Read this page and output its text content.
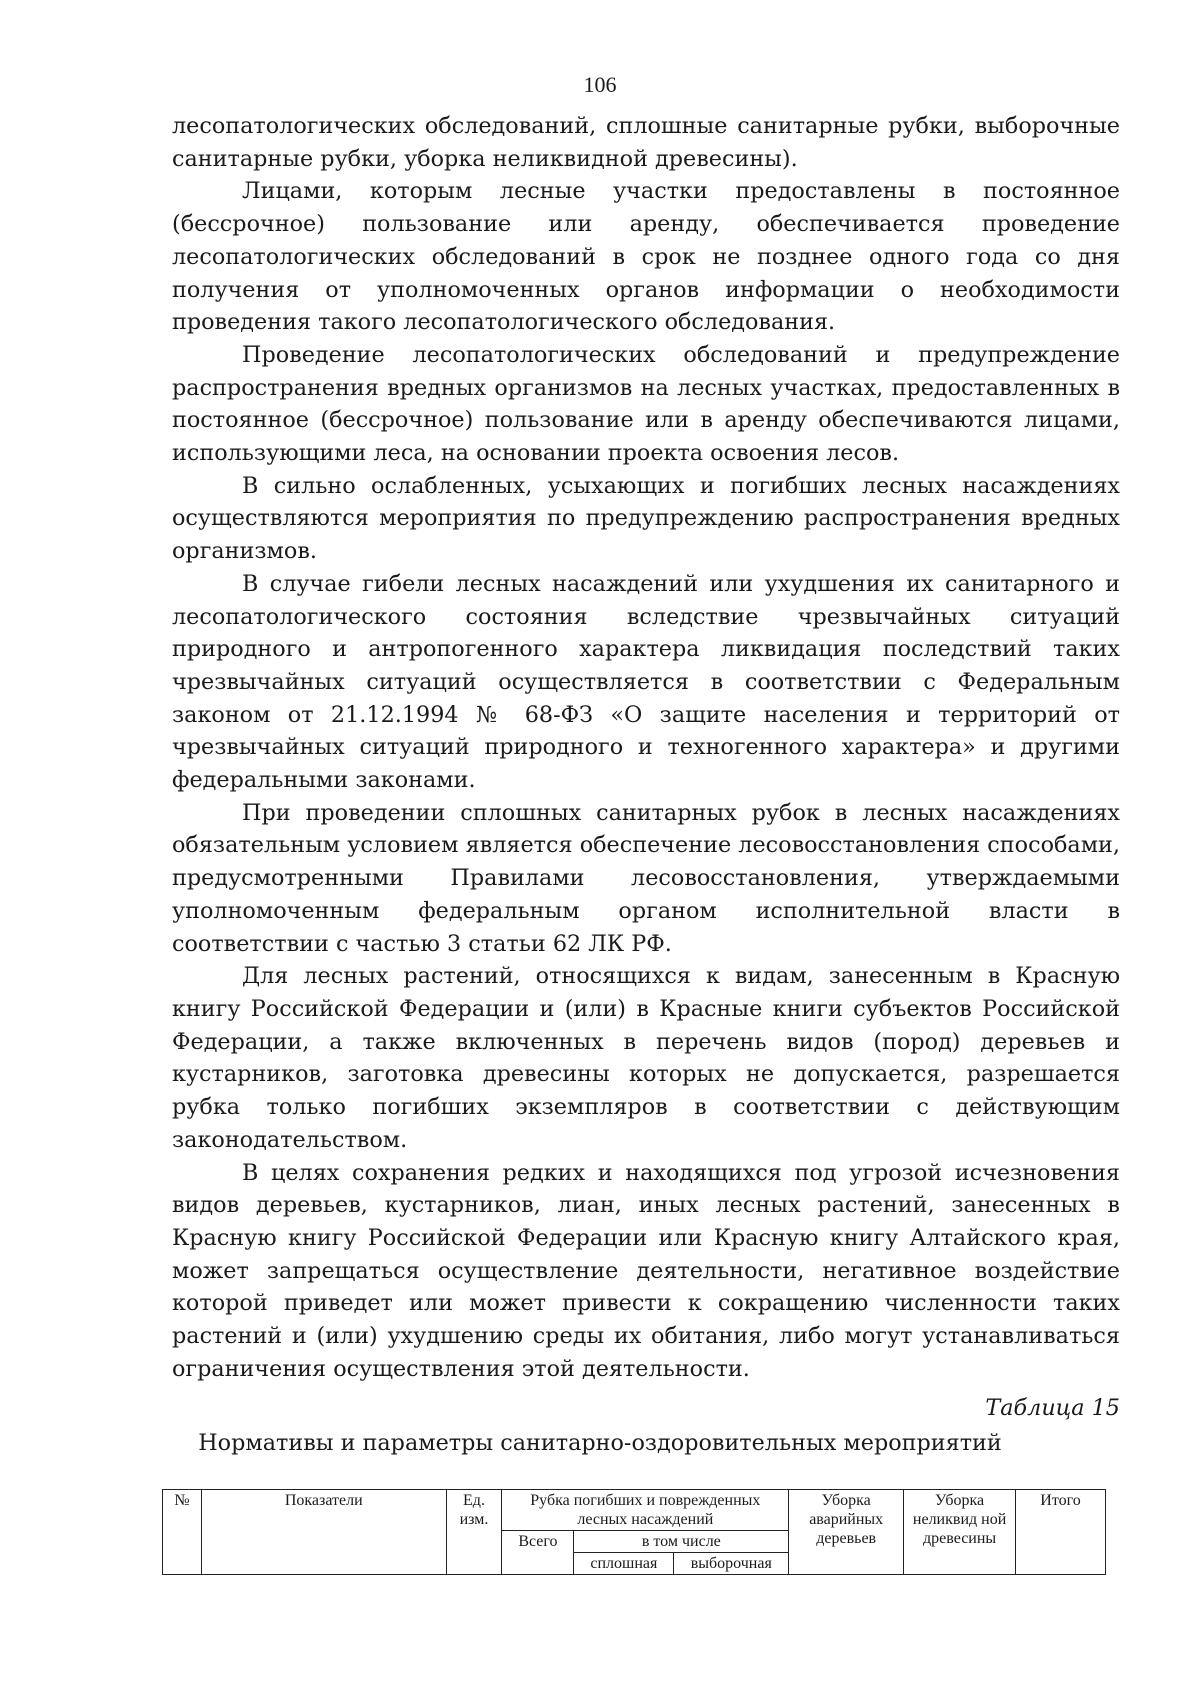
106

лесопатологических обследований, сплошные санитарные рубки, выборочные санитарные рубки, уборка неликвидной древесины).

Лицами, которым лесные участки предоставлены в постоянное (бессрочное) пользование или аренду, обеспечивается проведение лесопатологических обследований в срок не позднее одного года со дня получения от уполномоченных органов информации о необходимости проведения такого лесопатологического обследования.

Проведение лесопатологических обследований и предупреждение распространения вредных организмов на лесных участках, предоставленных в постоянное (бессрочное) пользование или в аренду обеспечиваются лицами, использующими леса, на основании проекта освоения лесов.

В сильно ослабленных, усыхающих и погибших лесных насаждениях осуществляются мероприятия по предупреждению распространения вредных организмов.

В случае гибели лесных насаждений или ухудшения их санитарного и лесопатологического состояния вследствие чрезвычайных ситуаций природного и антропогенного характера ликвидация последствий таких чрезвычайных ситуаций осуществляется в соответствии с Федеральным законом от 21.12.1994 № 68-ФЗ «О защите населения и территорий от чрезвычайных ситуаций природного и техногенного характера» и другими федеральными законами.

При проведении сплошных санитарных рубок в лесных насаждениях обязательным условием является обеспечение лесовосстановления способами, предусмотренными Правилами лесовосстановления, утверждаемыми уполномоченным федеральным органом исполнительной власти в соответствии с частью 3 статьи 62 ЛК РФ.

Для лесных растений, относящихся к видам, занесенным в Красную книгу Российской Федерации и (или) в Красные книги субъектов Российской Федерации, а также включенных в перечень видов (пород) деревьев и кустарников, заготовка древесины которых не допускается, разрешается рубка только погибших экземпляров в соответствии с действующим законодательством.

В целях сохранения редких и находящихся под угрозой исчезновения видов деревьев, кустарников, лиан, иных лесных растений, занесенных в Красную книгу Российской Федерации или Красную книгу Алтайского края, может запрещаться осуществление деятельности, негативное воздействие которой приведет или может привести к сокращению численности таких растений и (или) ухудшению среды их обитания, либо могут устанавливаться ограничения осуществления этой деятельности.

Таблица 15
Нормативы и параметры санитарно-оздоровительных мероприятий
№	Показатели	Ед. изм.	Рубка погибших и поврежденных лесных насаждений			Уборка аварийных деревьев	Уборка неликвид ной древесины	Итого
			Всего	в том числе				
				сплошная	выборочная			
